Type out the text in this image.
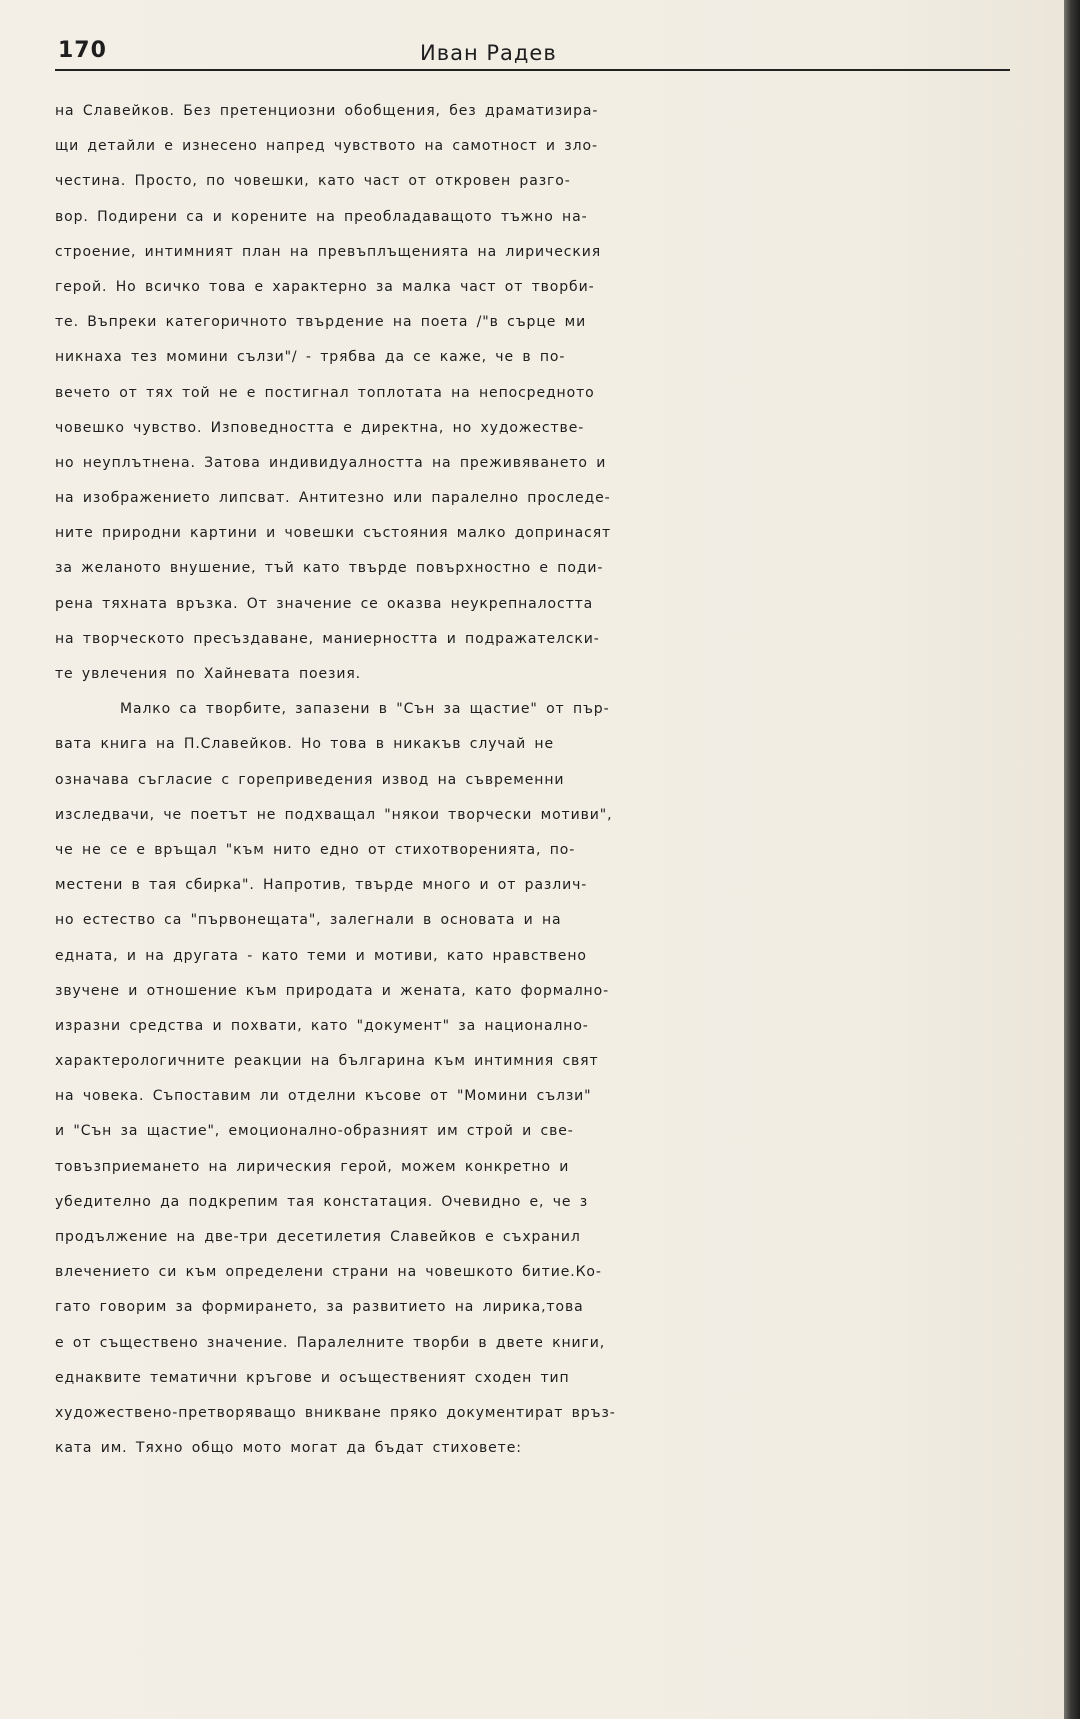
170	Иван Радев
на Славейков. Без претенциозни обобщения, без драматизира-
щи детайли е изнесено напред чувството на самотност и зло-
честина. Просто, по човешки, като част от откровен разго-
вор. Подирени са и корените на преобладаващото тъжно на-
строение, интимният план на превъплъщенията на лирическия
герой. Но всичко това е характерно за малка част от творби-
те. Въпреки категоричното твърдение на поета /"в сърце ми
никнаха тез момини сълзи"/ - трябва да се каже, че в по-
вечето от тях той не е постигнал топлотата на непосредното
човешко чувство. Изповедността е директна, но художестве-
но неуплътнена. Затова индивидуалността на преживяването и
на изображението липсват. Антитезно или паралелно проследе-
ните природни картини и човешки състояния малко допринасят
за желаното внушение, тъй като твърде повърхностно е поди-
рена тяхната връзка. От значение се оказва неукрепналостта
на творческото пресъздаване, маниерността и подражателски-
те увлечения по Хайневата поезия.
Малко са творбите, запазени в "Сън за щастие" от пър-
вата книга на П.Славейков. Но това в никакъв случай не
означава съгласие с гореприведения извод на съвременни
изследвачи, че поетът не подхващал "някои творчески мотиви",
че не се е връщал "към нито едно от стихотворенията, по-
местени в тая сбирка". Напротив, твърде много и от различ-
но естество са "първонещата", залегнали в основата и на
едната, и на другата - като теми и мотиви, като нравствено
звучене и отношение към природата и жената, като формално-
изразни средства и похвати, като "документ" за национално-
характерологичните реакции на българина към интимния свят
на човека. Съпоставим ли отделни късове от "Момини сълзи"
и "Сън за щастие", емоционално-образният им строй и све-
товъзприемането на лирическия герой, можем конкретно и
убедително да подкрепим тая констатация. Очевидно е, че з
продължение на две-три десетилетия Славейков е съхранил
влечението си към определени страни на човешкото битие.Ко-
гато говорим за формирането, за развитието на лирика,това
е от съществено значение. Паралелните творби в двете книги,
еднаквите тематични кръгове и осъщественият сходен тип
художествено-претворяващо вникване пряко документират връз-
ката им. Тяхно общо мото могат да бъдат стиховете:
